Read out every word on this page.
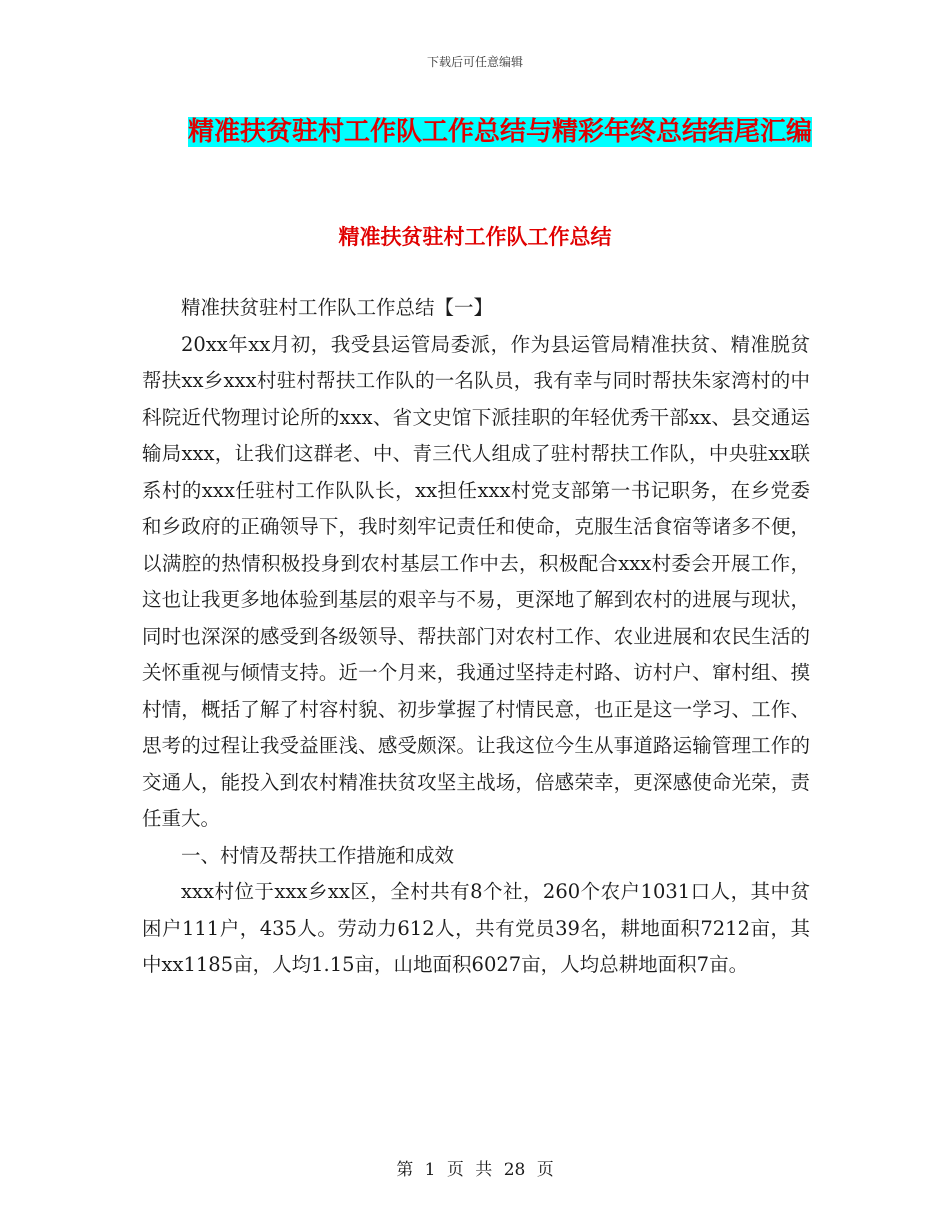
下载后可任意编辑
精准扶贫驻村工作队工作总结与精彩年终总结结尾汇编
精准扶贫驻村工作队工作总结

精准扶贫驻村工作队工作总结【一】

20xx年xx月初，我受县运管局委派，作为县运管局精准扶贫、精准脱贫帮扶xx乡xxx村驻村帮扶工作队的一名队员，我有幸与同时帮扶朱家湾村的中科院近代物理讨论所的xxx、省文史馆下派挂职的年轻优秀干部xx、县交通运输局xxx，让我们这群老、中、青三代人组成了驻村帮扶工作队，中央驻xx联系村的xxx任驻村工作队队长，xx担任xxx村党支部第一书记职务，在乡党委和乡政府的正确领导下，我时刻牢记责任和使命，克服生活食宿等诸多不便，以满腔的热情积极投身到农村基层工作中去，积极配合xxx村委会开展工作，这也让我更多地体验到基层的艰辛与不易，更深地了解到农村的进展与现状，同时也深深的感受到各级领导、帮扶部门对农村工作、农业进展和农民生活的关怀重视与倾情支持。近一个月来，我通过坚持走村路、访村户、窜村组、摸村情，概括了解了村容村貌、初步掌握了村情民意，也正是这一学习、工作、思考的过程让我受益匪浅、感受颇深。让我这位今生从事道路运输管理工作的交通人，能投入到农村精准扶贫攻坚主战场，倍感荣幸，更深感使命光荣，责任重大。

一、村情及帮扶工作措施和成效

xxx村位于xxx乡xx区，全村共有8个社，260个农户1031口人，其中贫困户111户，435人。劳动力612人，共有党员39名，耕地面积7212亩，其中xx1185亩，人均1.15亩，山地面积6027亩，人均总耕地面积7亩。

第 1 页 共 28 页
